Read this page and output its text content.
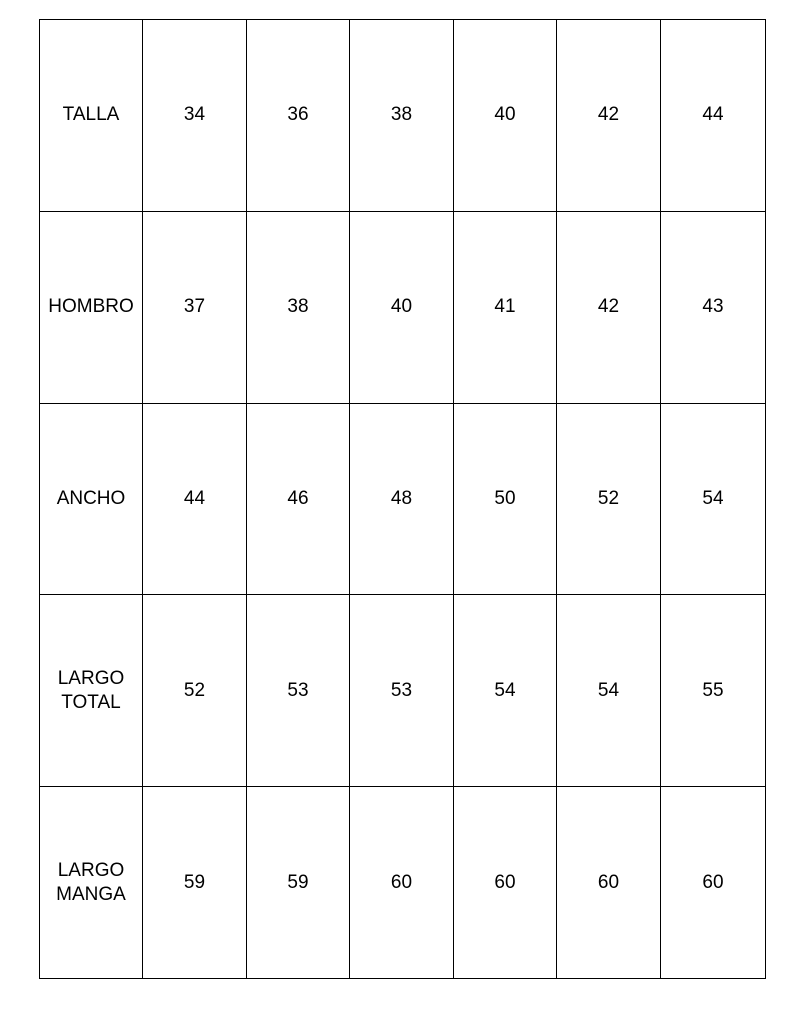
TALLA	34	36	38	40	42	44
HOMBRO	37	38	40	41	42	43
ANCHO	44	46	48	50	52	54
LARGO
TOTAL	52	53	53	54	54	55
LARGO
MANGA	59	59	60	60	60	60
